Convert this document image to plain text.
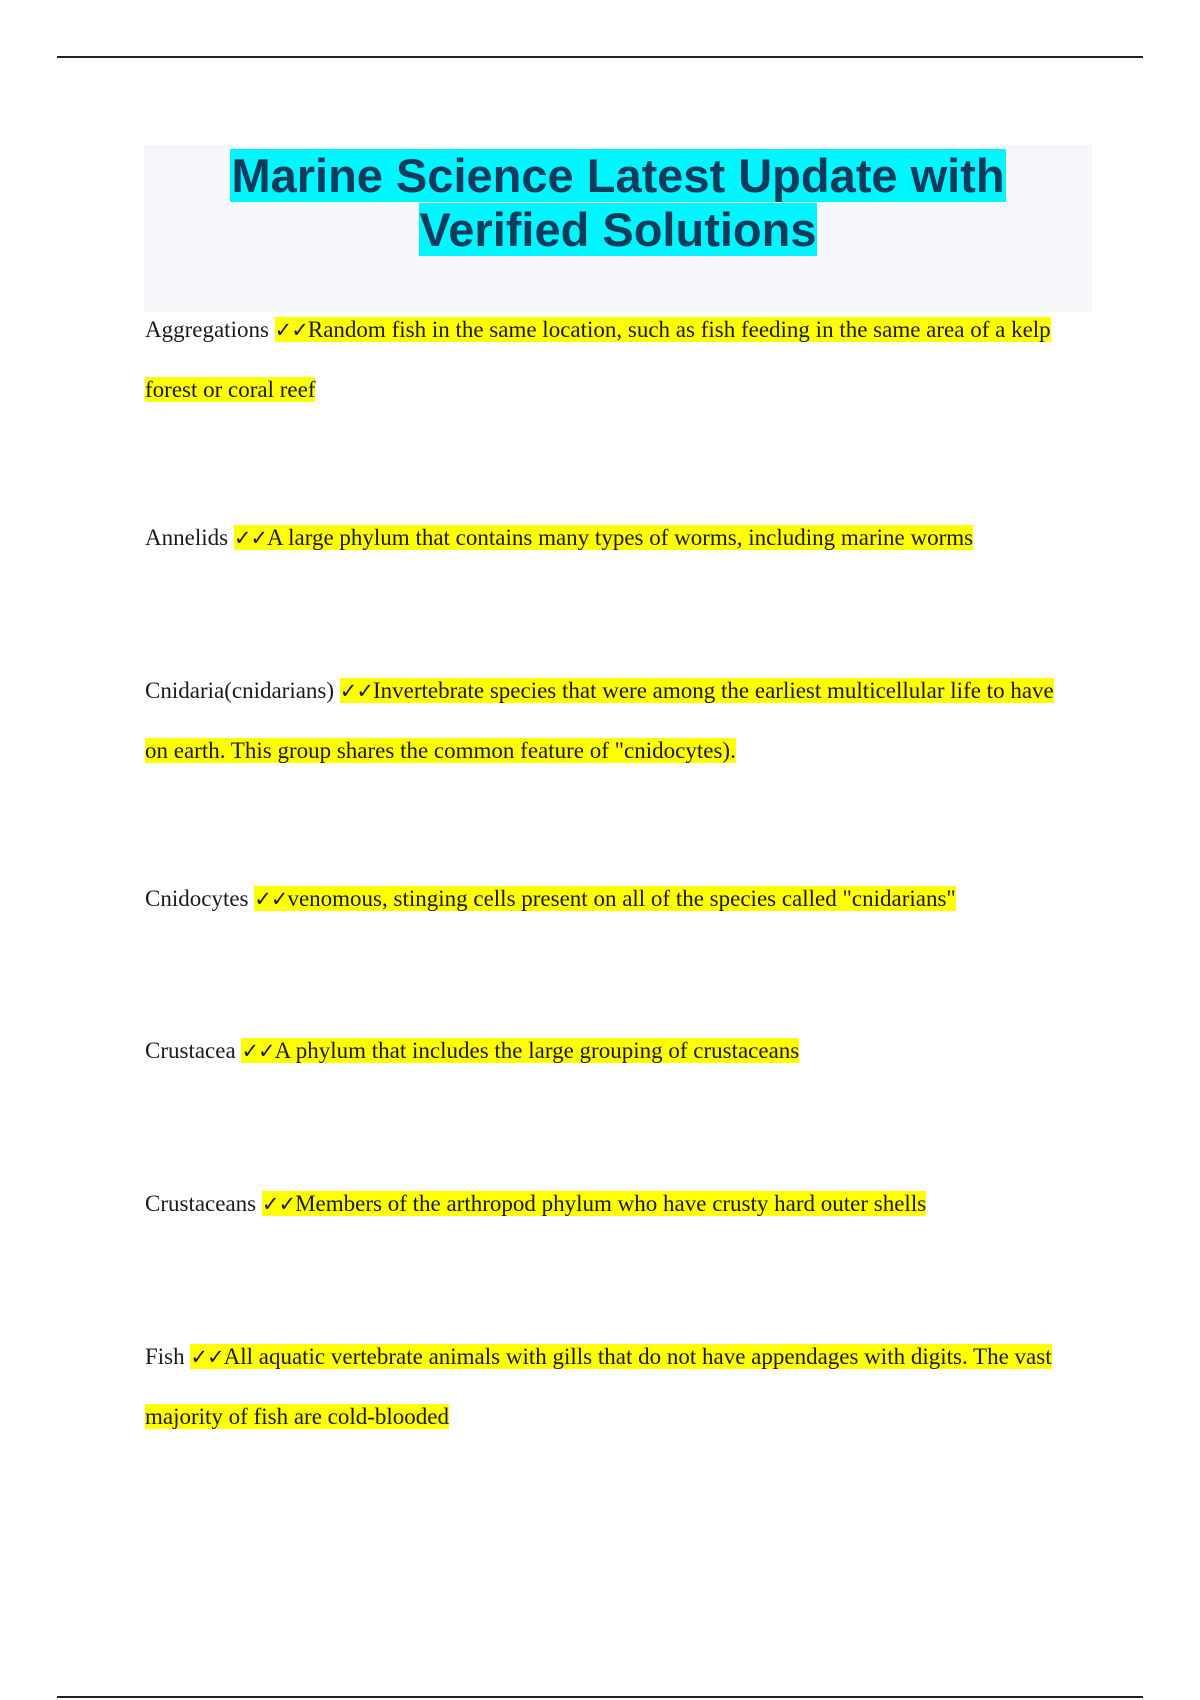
Marine Science Latest Update with
Verified Solutions
Aggregations ✓✓Random fish in the same location, such as fish feeding in the same area of a kelp forest or coral reef
Annelids ✓✓A large phylum that contains many types of worms, including marine worms
Cnidaria(cnidarians) ✓✓Invertebrate species that were among the earliest multicellular life to have on earth. This group shares the common feature of "cnidocytes).
Cnidocytes ✓✓venomous, stinging cells present on all of the species called "cnidarians"
Crustacea ✓✓A phylum that includes the large grouping of crustaceans
Crustaceans ✓✓Members of the arthropod phylum who have crusty hard outer shells
Fish ✓✓All aquatic vertebrate animals with gills that do not have appendages with digits. The vast majority of fish are cold-blooded
